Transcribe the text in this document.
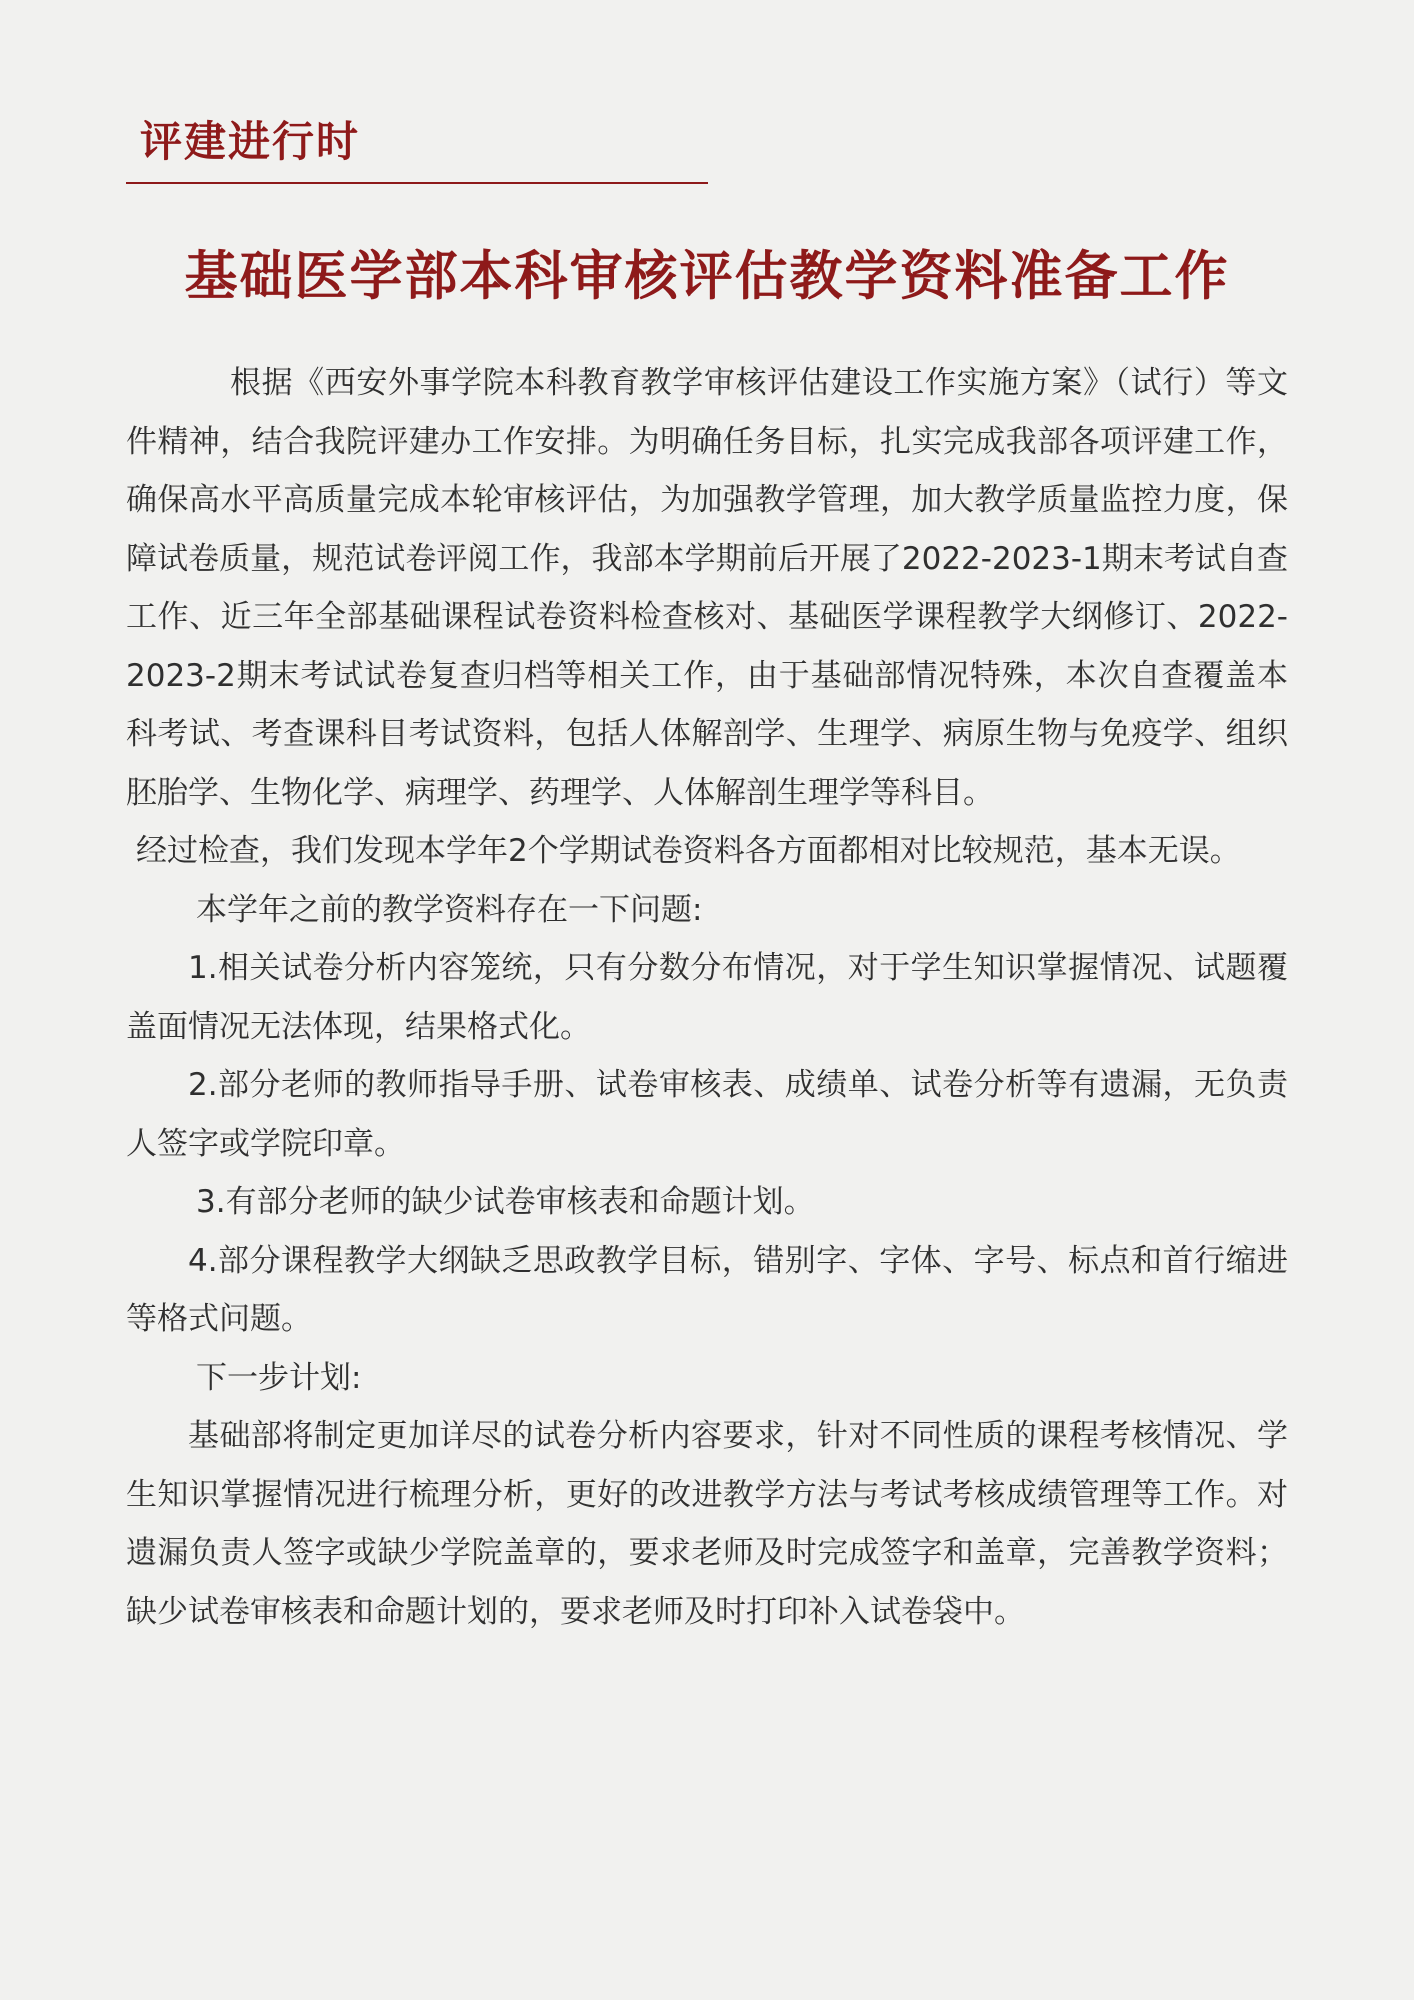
评建进行时
基础医学部本科审核评估教学资料准备工作

根据《西安外事学院本科教育教学审核评估建设工作实施方案》（试行）等文件精神，结合我院评建办工作安排。为明确任务目标，扎实完成我部各项评建工作，确保高水平高质量完成本轮审核评估，为加强教学管理，加大教学质量监控力度，保障试卷质量，规范试卷评阅工作，我部本学期前后开展了2022-2023-1期末考试自查工作、近三年全部基础课程试卷资料检查核对、基础医学课程教学大纲修订、2022-2023-2期末考试试卷复查归档等相关工作，由于基础部情况特殊，本次自查覆盖本科考试、考查课科目考试资料，包括人体解剖学、生理学、病原生物与免疫学、组织胚胎学、生物化学、病理学、药理学、人体解剖生理学等科目。

经过检查，我们发现本学年2个学期试卷资料各方面都相对比较规范，基本无误。

本学年之前的教学资料存在一下问题:

1.相关试卷分析内容笼统，只有分数分布情况，对于学生知识掌握情况、试题覆盖面情况无法体现，结果格式化。

2.部分老师的教师指导手册、试卷审核表、成绩单、试卷分析等有遗漏，无负责人签字或学院印章。

3.有部分老师的缺少试卷审核表和命题计划。

4.部分课程教学大纲缺乏思政教学目标，错别字、字体、字号、标点和首行缩进等格式问题。

下一步计划:

基础部将制定更加详尽的试卷分析内容要求，针对不同性质的课程考核情况、学生知识掌握情况进行梳理分析，更好的改进教学方法与考试考核成绩管理等工作。对遗漏负责人签字或缺少学院盖章的，要求老师及时完成签字和盖章，完善教学资料；缺少试卷审核表和命题计划的，要求老师及时打印补入试卷袋中。
